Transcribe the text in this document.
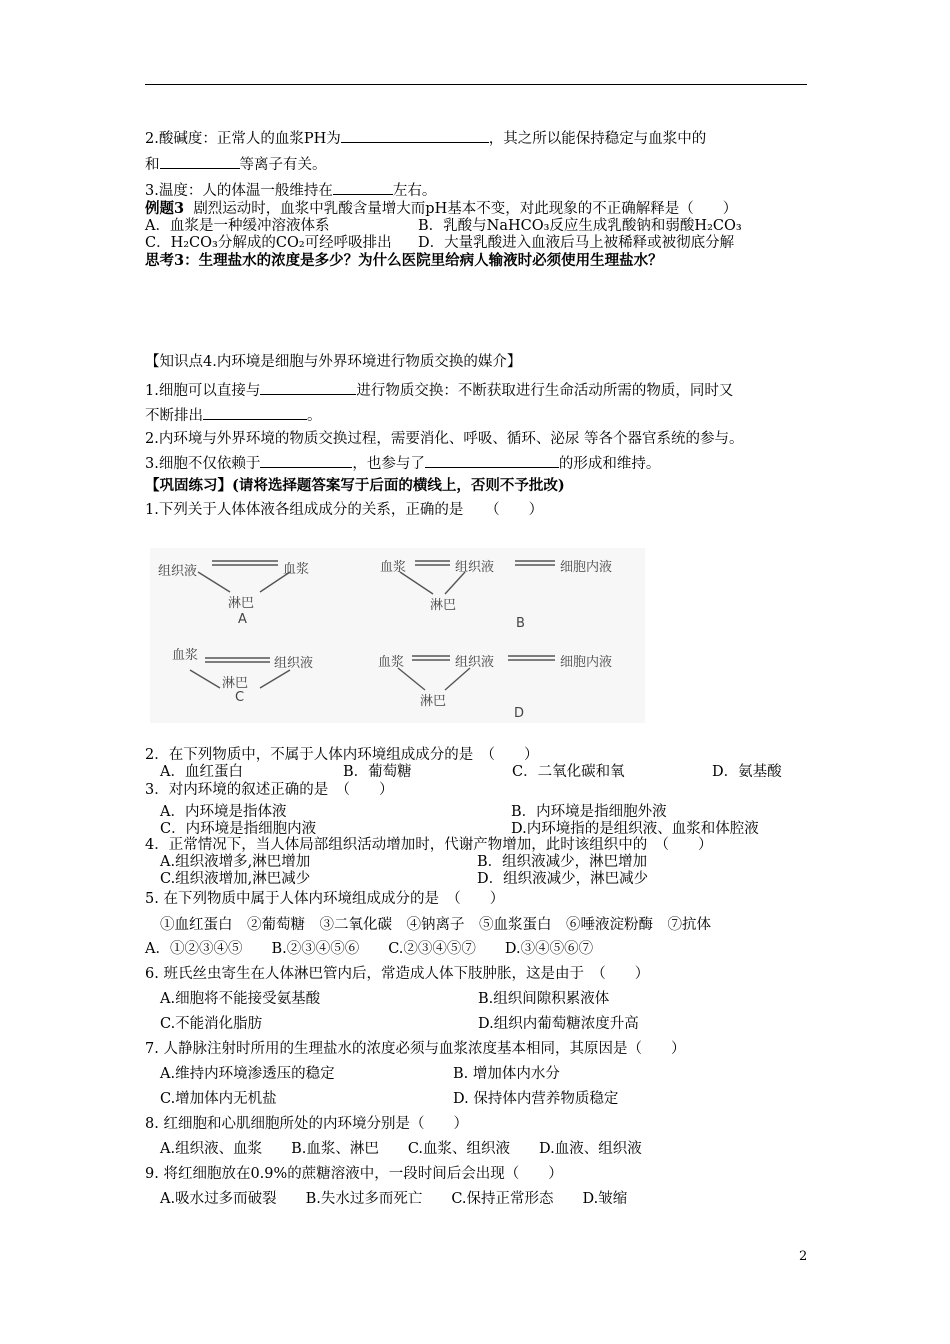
2.酸碱度：正常人的血浆PH为	，其之所以能保持稳定与血浆中的
和	等离子有关。
3.温度：人的体温一般维持在	左右。
例题3 剧烈运动时，血浆中乳酸含量增大而pH基本不变，对此现象的不正确解释是（　　）
A．血浆是一种缓冲溶液体系	B．乳酸与NaHCO₃反应生成乳酸钠和弱酸H₂CO₃
C．H₂CO₃分解成的CO₂可经呼吸排出 D．大量乳酸进入血液后马上被稀释或被彻底分解
思考3：生理盐水的浓度是多少？为什么医院里给病人输液时必须使用生理盐水？
【知识点4.内环境是细胞与外界环境进行物质交换的媒介】
1.细胞可以直接与	进行物质交换：不断获取进行生命活动所需的物质，同时又
不断排出	。
2.内环境与外界环境的物质交换过程，需要消化、呼吸、循环、泌尿 等各个器官系统的参与。
3.细胞不仅依赖于	，也参与了	的形成和维持。
【巩固练习】(请将选择题答案写于后面的横线上，否则不予批改)
1.下列关于人体体液各组成成分的关系，正确的是　　（　　）
组织液	血浆
淋巴
A
血浆	组织液	细胞内液
淋巴
B
血浆
组织液
淋巴
C
血浆	组织液	细胞内液
淋巴
D
2．在下列物质中，不属于人体内环境组成成分的是　（　　）
A．血红蛋白	B．葡萄糖	C．二氧化碳和氧	D．氨基酸
3．对内环境的叙述正确的是　（　　）
A．内环境是指体液	B．内环境是指细胞外液
C．内环境是指细胞内液	D.内环境指的是组织液、血浆和体腔液
4．正常情况下，当人体局部组织活动增加时，代谢产物增加，此时该组织中的　（　　）
A.组织液增多,淋巴增加	B．组织液减少，淋巴增加
C.组织液增加,淋巴减少	D．组织液减少，淋巴减少
5. 在下列物质中属于人体内环境组成成分的是　（　　）
①血红蛋白　②葡萄糖　③二氧化碳　④钠离子　⑤血浆蛋白　⑥唾液淀粉酶　⑦抗体
A．①②③④⑤　　B.②③④⑤⑥　　C.②③④⑤⑦　　D.③④⑤⑥⑦
6. 班氏丝虫寄生在人体淋巴管内后，常造成人体下肢肿胀，这是由于　（　　）
A.细胞将不能接受氨基酸	B.组织间隙积累液体
C.不能消化脂肪	D.组织内葡萄糖浓度升高
7. 人静脉注射时所用的生理盐水的浓度必须与血浆浓度基本相同，其原因是（　　）
A.维持内环境渗透压的稳定	B. 增加体内水分
C.增加体内无机盐	D. 保持体内营养物质稳定
8. 红细胞和心肌细胞所处的内环境分别是（　　）
A.组织液、血浆　　B.血浆、淋巴　　C.血浆、组织液　　D.血液、组织液
9. 将红细胞放在0.9%的蔗糖溶液中，一段时间后会出现（　　）
A.吸水过多而破裂　　B.失水过多而死亡　　C.保持正常形态　　D.皱缩
2
